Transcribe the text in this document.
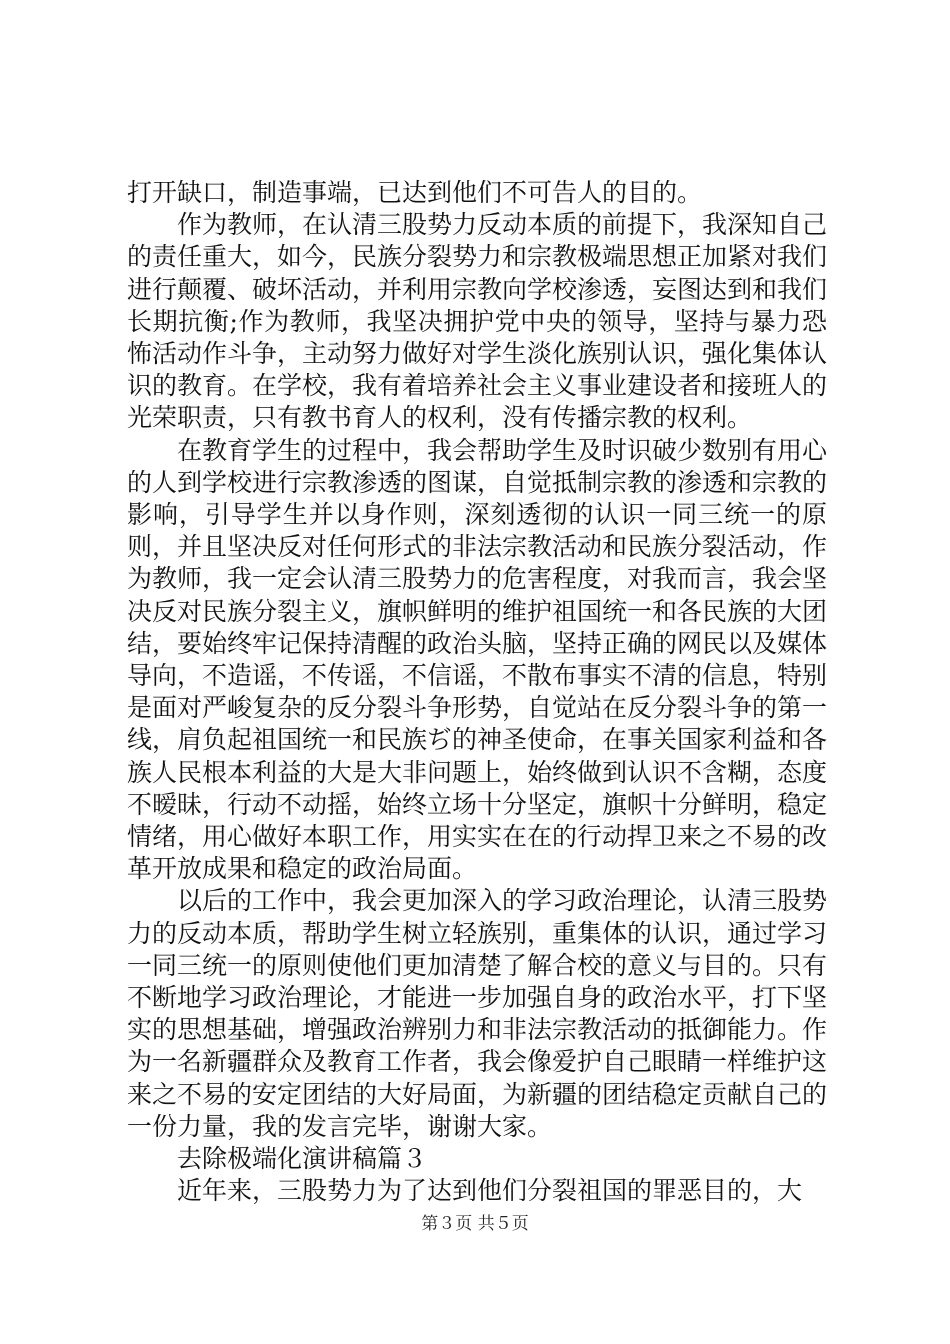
打开缺口，制造事端，已达到他们不可告人的目的。

作为教师，在认清三股势力反动本质的前提下，我深知自己的责任重大，如今，民族分裂势力和宗教极端思想正加紧对我们进行颠覆、破坏活动，并利用宗教向学校渗透，妄图达到和我们长期抗衡;作为教师，我坚决拥护党中央的领导，坚持与暴力恐怖活动作斗争，主动努力做好对学生淡化族别认识，强化集体认识的教育。在学校，我有着培养社会主义事业建设者和接班人的光荣职责，只有教书育人的权利，没有传播宗教的权利。

在教育学生的过程中，我会帮助学生及时识破少数别有用心的人到学校进行宗教渗透的图谋，自觉抵制宗教的渗透和宗教的影响，引导学生并以身作则，深刻透彻的认识一同三统一的原则，并且坚决反对任何形式的非法宗教活动和民族分裂活动，作为教师，我一定会认清三股势力的危害程度，对我而言，我会坚决反对民族分裂主义，旗帜鲜明的维护祖国统一和各民族的大团结，要始终牢记保持清醒的政治头脑，坚持正确的网民以及媒体导向，不造谣，不传谣，不信谣，不散布事实不清的信息，特别是面对严峻复杂的反分裂斗争形势，自觉站在反分裂斗争的第一线，肩负起祖国统一和民族ぢ的神圣使命，在事关国家利益和各族人民根本利益的大是大非问题上，始终做到认识不含糊，态度不暧昧，行动不动摇，始终立场十分坚定，旗帜十分鲜明，稳定情绪，用心做好本职工作，用实实在在的行动捍卫来之不易的改革开放成果和稳定的政治局面。

以后的工作中，我会更加深入的学习政治理论，认清三股势力的反动本质，帮助学生树立轻族别，重集体的认识，通过学习一同三统一的原则使他们更加清楚了解合校的意义与目的。只有不断地学习政治理论，才能进一步加强自身的政治水平，打下坚实的思想基础，增强政治辨别力和非法宗教活动的抵御能力。作为一名新疆群众及教育工作者，我会像爱护自己眼睛一样维护这来之不易的安定团结的大好局面，为新疆的团结稳定贡献自己的一份力量，我的发言完毕，谢谢大家。

去除极端化演讲稿篇３

近年来，三股势力为了达到他们分裂祖国的罪恶目的，大

第３页 共５页
